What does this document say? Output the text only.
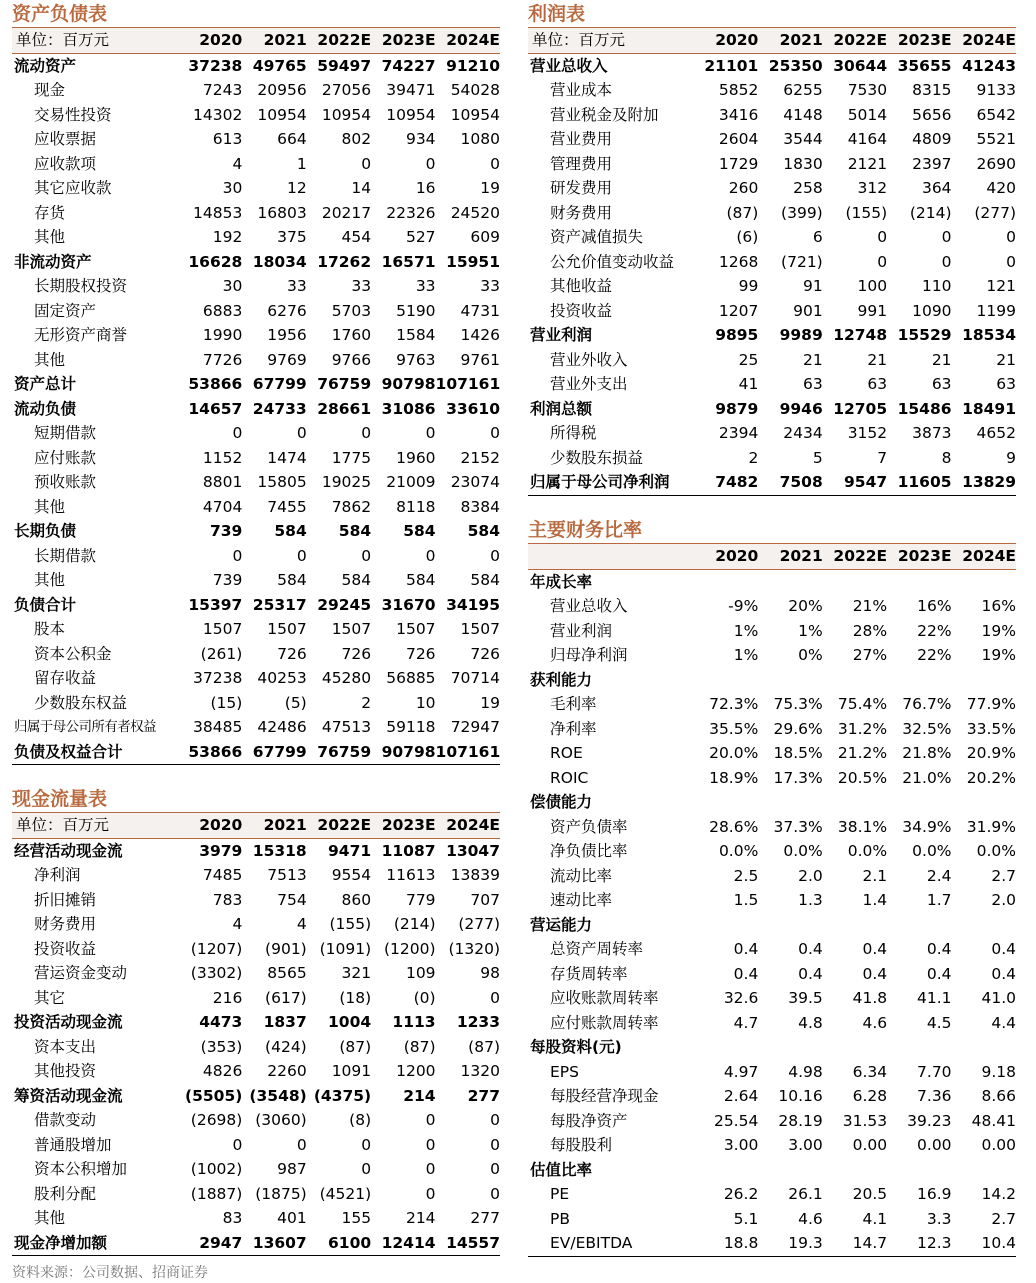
资产负债表
单位：百万元	2020	2021	2022E	2023E	2024E
流动资产	37238	49765	59497	74227	91210
现金	7243	20956	27056	39471	54028
交易性投资	14302	10954	10954	10954	10954
应收票据	613	664	802	934	1080
应收款项	4	1	0	0	0
其它应收款	30	12	14	16	19
存货	14853	16803	20217	22326	24520
其他	192	375	454	527	609
非流动资产	16628	18034	17262	16571	15951
长期股权投资	30	33	33	33	33
固定资产	6883	6276	5703	5190	4731
无形资产商誉	1990	1956	1760	1584	1426
其他	7726	9769	9766	9763	9761
资产总计	53866	67799	76759	90798	107161
流动负债	14657	24733	28661	31086	33610
短期借款	0	0	0	0	0
应付账款	1152	1474	1775	1960	2152
预收账款	8801	15805	19025	21009	23074
其他	4704	7455	7862	8118	8384
长期负债	739	584	584	584	584
长期借款	0	0	0	0	0
其他	739	584	584	584	584
负债合计	15397	25317	29245	31670	34195
股本	1507	1507	1507	1507	1507
资本公积金	(261)	726	726	726	726
留存收益	37238	40253	45280	56885	70714
少数股东权益	(15)	(5)	2	10	19
归属于母公司所有者权益	38485	42486	47513	59118	72947
负债及权益合计	53866	67799	76759	90798	107161
现金流量表
单位：百万元	2020	2021	2022E	2023E	2024E
经营活动现金流	3979	15318	9471	11087	13047
净利润	7485	7513	9554	11613	13839
折旧摊销	783	754	860	779	707
财务费用	4	4	(155)	(214)	(277)
投资收益	(1207)	(901)	(1091)	(1200)	(1320)
营运资金变动	(3302)	8565	321	109	98
其它	216	(617)	(18)	(0)	0
投资活动现金流	4473	1837	1004	1113	1233
资本支出	(353)	(424)	(87)	(87)	(87)
其他投资	4826	2260	1091	1200	1320
筹资活动现金流	(5505)	(3548)	(4375)	214	277
借款变动	(2698)	(3060)	(8)	0	0
普通股增加	0	0	0	0	0
资本公积增加	(1002)	987	0	0	0
股利分配	(1887)	(1875)	(4521)	0	0
其他	83	401	155	214	277
现金净增加额	2947	13607	6100	12414	14557
利润表
单位：百万元	2020	2021	2022E	2023E	2024E
营业总收入	21101	25350	30644	35655	41243
营业成本	5852	6255	7530	8315	9133
营业税金及附加	3416	4148	5014	5656	6542
营业费用	2604	3544	4164	4809	5521
管理费用	1729	1830	2121	2397	2690
研发费用	260	258	312	364	420
财务费用	(87)	(399)	(155)	(214)	(277)
资产减值损失	(6)	6	0	0	0
公允价值变动收益	1268	(721)	0	0	0
其他收益	99	91	100	110	121
投资收益	1207	901	991	1090	1199
营业利润	9895	9989	12748	15529	18534
营业外收入	25	21	21	21	21
营业外支出	41	63	63	63	63
利润总额	9879	9946	12705	15486	18491
所得税	2394	2434	3152	3873	4652
少数股东损益	2	5	7	8	9
归属于母公司净利润	7482	7508	9547	11605	13829
主要财务比率
	2020	2021	2022E	2023E	2024E
年成长率					
营业总收入	-9%	20%	21%	16%	16%
营业利润	1%	1%	28%	22%	19%
归母净利润	1%	0%	27%	22%	19%
获利能力					
毛利率	72.3%	75.3%	75.4%	76.7%	77.9%
净利率	35.5%	29.6%	31.2%	32.5%	33.5%
ROE	20.0%	18.5%	21.2%	21.8%	20.9%
ROIC	18.9%	17.3%	20.5%	21.0%	20.2%
偿债能力					
资产负债率	28.6%	37.3%	38.1%	34.9%	31.9%
净负债比率	0.0%	0.0%	0.0%	0.0%	0.0%
流动比率	2.5	2.0	2.1	2.4	2.7
速动比率	1.5	1.3	1.4	1.7	2.0
营运能力					
总资产周转率	0.4	0.4	0.4	0.4	0.4
存货周转率	0.4	0.4	0.4	0.4	0.4
应收账款周转率	32.6	39.5	41.8	41.1	41.0
应付账款周转率	4.7	4.8	4.6	4.5	4.4
每股资料(元)					
EPS	4.97	4.98	6.34	7.70	9.18
每股经营净现金	2.64	10.16	6.28	7.36	8.66
每股净资产	25.54	28.19	31.53	39.23	48.41
每股股利	3.00	3.00	0.00	0.00	0.00
估值比率					
PE	26.2	26.1	20.5	16.9	14.2
PB	5.1	4.6	4.1	3.3	2.7
EV/EBITDA	18.8	19.3	14.7	12.3	10.4
资料来源：公司数据、招商证券
